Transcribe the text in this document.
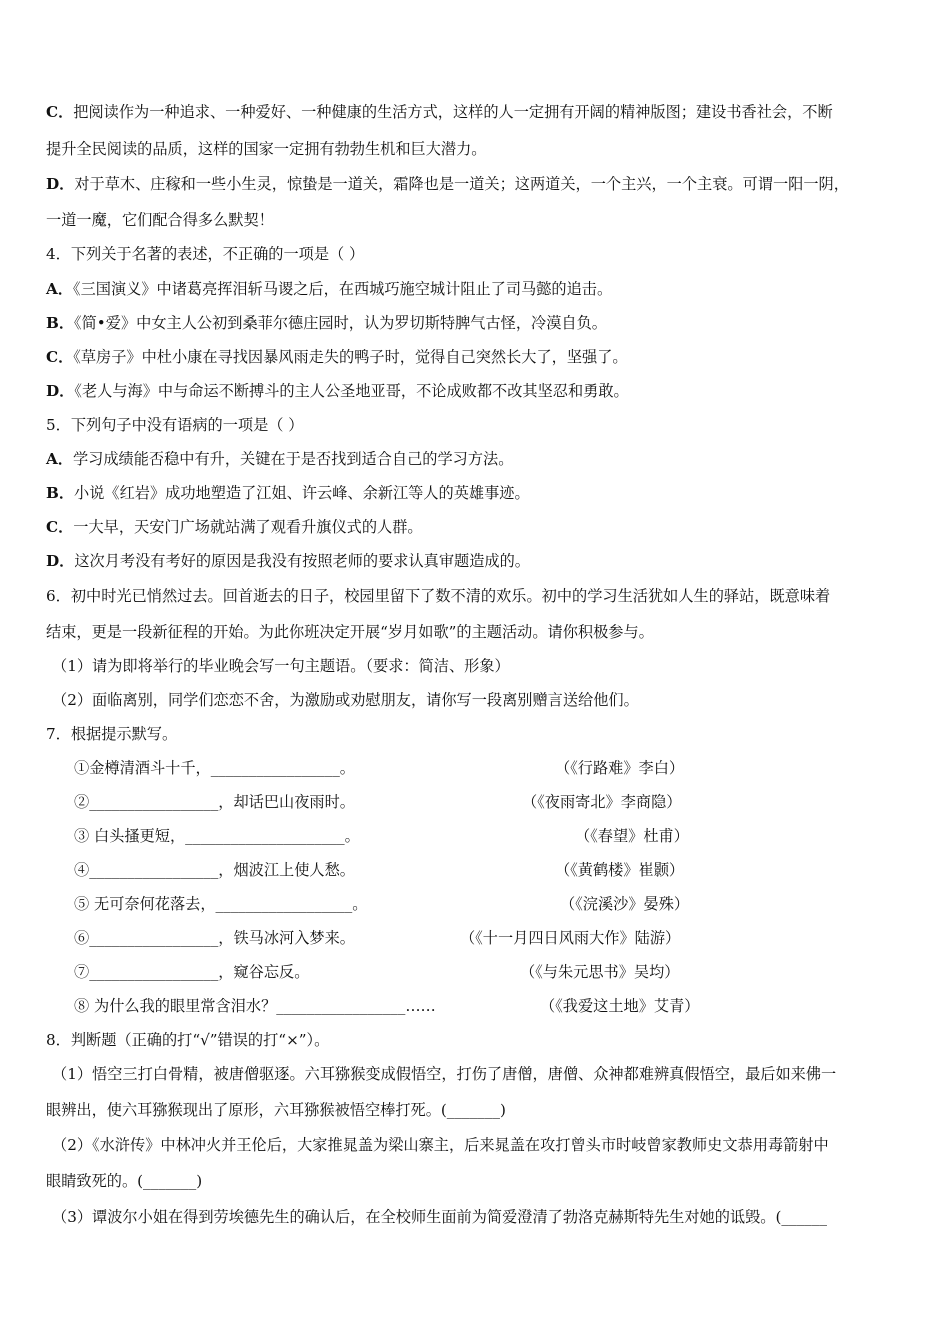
C．把阅读作为一种追求、一种爱好、一种健康的生活方式，这样的人一定拥有开阔的精神版图；建设书香社会，不断
提升全民阅读的品质，这样的国家一定拥有勃勃生机和巨大潜力。
D．对于草木、庄稼和一些小生灵，惊蛰是一道关，霜降也是一道关；这两道关，一个主兴，一个主衰。可谓一阳一阴，
一道一魔，它们配合得多么默契！
4．下列关于名著的表述，不正确的一项是（ ）
A．《三国演义》中诸葛亮挥泪斩马谡之后，在西城巧施空城计阻止了司马懿的追击。
B．《简•爱》中女主人公初到桑菲尔德庄园时，认为罗切斯特脾气古怪，冷漠自负。
C．《草房子》中杜小康在寻找因暴风雨走失的鸭子时，觉得自己突然长大了，坚强了。
D．《老人与海》中与命运不断搏斗的主人公圣地亚哥，不论成败都不改其坚忍和勇敢。
5．下列句子中没有语病的一项是（ ）
A．学习成绩能否稳中有升，关键在于是否找到适合自己的学习方法。
B．小说《红岩》成功地塑造了江姐、许云峰、余新江等人的英雄事迹。
C．一大早，天安门广场就站满了观看升旗仪式的人群。
D．这次月考没有考好的原因是我没有按照老师的要求认真审题造成的。
6．初中时光已悄然过去。回首逝去的日子，校园里留下了数不清的欢乐。初中的学习生活犹如人生的驿站，既意味着
结束，更是一段新征程的开始。为此你班决定开展“岁月如歌”的主题活动。请你积极参与。
（1）请为即将举行的毕业晚会写一句主题语。（要求：简洁、形象）
（2）面临离别，同学们恋恋不舍，为激励或劝慰朋友，请你写一段离别赠言送给他们。
7．根据提示默写。
①金樽清酒斗十千，_________________。	（《行路难》李白）
②_________________，却话巴山夜雨时。	（《夜雨寄北》李商隐）
③ 白头搔更短，_____________________。	（《春望》杜甫）
④_________________，烟波江上使人愁。	（《黄鹤楼》崔颢）
⑤ 无可奈何花落去，__________________。	（《浣溪沙》晏殊）
⑥_________________，铁马冰河入梦来。	（《十一月四日风雨大作》陆游）
⑦_________________，窥谷忘反。	（《与朱元思书》吴均）
⑧ 为什么我的眼里常含泪水？_________________……	（《我爱这土地》艾青）
8．判断题（正确的打“√”错误的打“×”）。
（1）悟空三打白骨精，被唐僧驱逐。六耳猕猴变成假悟空，打伤了唐僧，唐僧、众神都难辨真假悟空，最后如来佛一
眼辨出，使六耳猕猴现出了原形，六耳猕猴被悟空棒打死。(_______)
（2）《水浒传》中林冲火并王伦后，大家推晁盖为梁山寨主，后来晁盖在攻打曾头市时岐曾家教师史文恭用毒箭射中
眼睛致死的。(_______)
（3）谭波尔小姐在得到劳埃德先生的确认后，在全校师生面前为简爱澄清了勃洛克赫斯特先生对她的诋毁。(______
